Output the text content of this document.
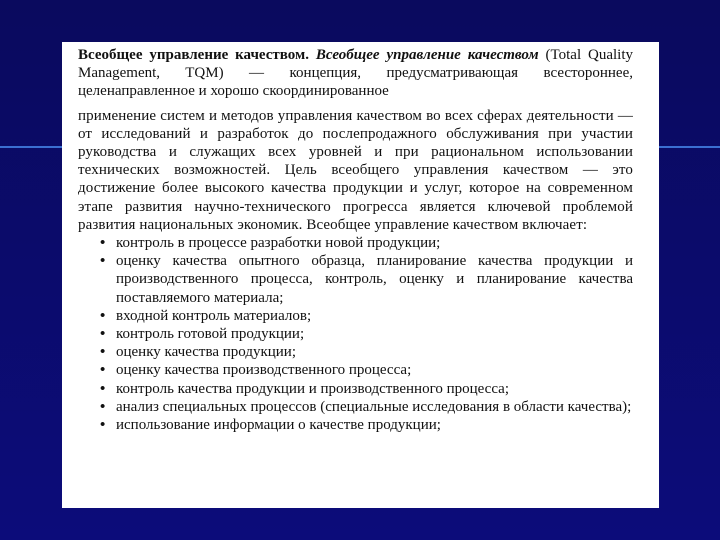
Всеобщее управление качеством. Всеобщее управление качеством (Total Quality Management, TQM) — концепция, предусматривающая всестороннее, целенаправленное и хорошо скоординированное

применение систем и методов управления качеством во всех сферах деятельности — от исследований и разработок до послепродажного обслуживания при участии руководства и служащих всех уровней и при рациональном использовании технических возможностей. Цель всеобщего управления качеством — это достижение более высокого качества продукции и услуг, которое на современном этапе развития научно-технического прогресса является ключевой проблемой развития национальных экономик. Всеобщее управление качеством включает:

• контроль в процессе разработки новой продукции;
• оценку качества опытного образца, планирование качества продукции и производственного процесса, контроль, оценку и планирование качества поставляемого материала;
• входной контроль материалов;
• контроль готовой продукции;
• оценку качества продукции;
• оценку качества производственного процесса;
• контроль качества продукции и производственного процесса;
• анализ специальных процессов (специальные исследования в области качества);
• использование информации о качестве продукции;
